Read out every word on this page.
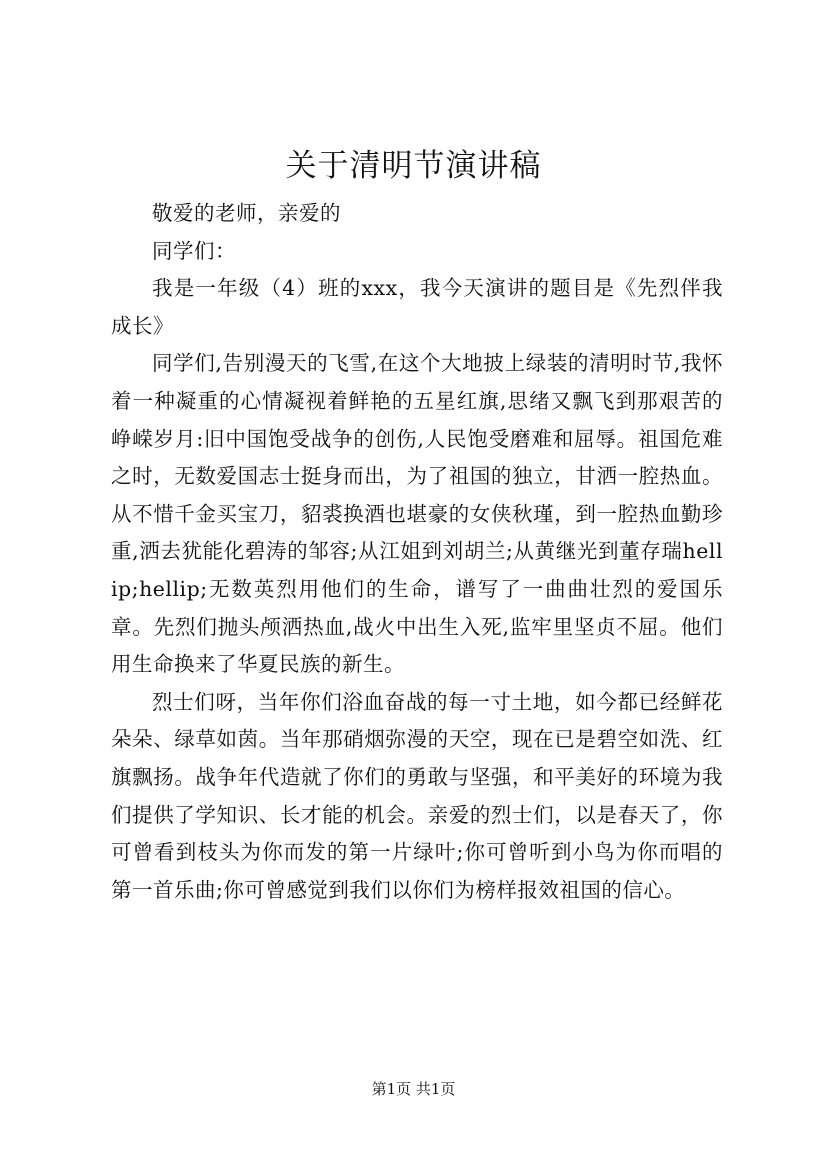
关于清明节演讲稿

敬爱的老师，亲爱的

同学们：

我是一年级（4）班的xxx，我今天演讲的题目是《先烈伴我成长》

同学们,告别漫天的飞雪,在这个大地披上绿装的清明时节,我怀着一种凝重的心情凝视着鲜艳的五星红旗,思绪又飘飞到那艰苦的峥嵘岁月:旧中国饱受战争的创伤,人民饱受磨难和屈辱。祖国危难之时，无数爱国志士挺身而出，为了祖国的独立，甘洒一腔热血。从不惜千金买宝刀，貂裘换酒也堪豪的女侠秋瑾，到一腔热血勤珍重,洒去犹能化碧涛的邹容;从江姐到刘胡兰;从黄继光到董存瑞hellip;hellip;无数英烈用他们的生命，谱写了一曲曲壮烈的爱国乐章。先烈们抛头颅洒热血,战火中出生入死,监牢里坚贞不屈。他们用生命换来了华夏民族的新生。

烈士们呀，当年你们浴血奋战的每一寸土地，如今都已经鲜花朵朵、绿草如茵。当年那硝烟弥漫的天空，现在已是碧空如洗、红旗飘扬。战争年代造就了你们的勇敢与坚强，和平美好的环境为我们提供了学知识、长才能的机会。亲爱的烈士们，以是春天了，你可曾看到枝头为你而发的第一片绿叶;你可曾听到小鸟为你而唱的第一首乐曲;你可曾感觉到我们以你们为榜样报效祖国的信心。

第1页 共1页
